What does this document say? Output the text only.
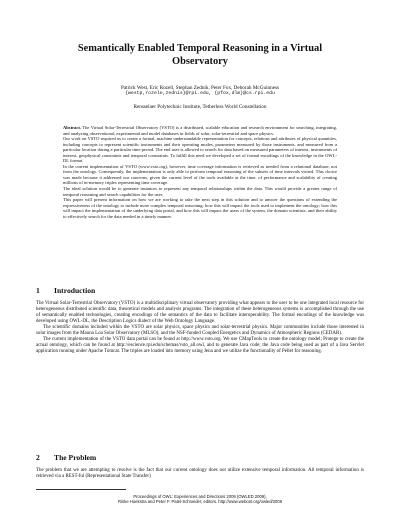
Semantically Enabled Temporal Reasoning in a Virtual
Observatory
Patrick West, Eric Rozell, Stephan Zednik, Peter Fox, Deborah McGuinness
{westp,rozele,zednis}@rpi.edu, {pfox,dlm}@cs.rpi.edu
Rensselaer Polytechnic Institute, Tetherless World Constellation

Abstract. The Virtual Solar-Terrestrial Observatory (VSTO) is a distributed, scalable education and research environment for searching, integrating, and analyzing observational, experimental and model databases in fields of solar, solar-terrestrial and space physics.

Our work on VSTO required us to create a formal, machine understandable representation for concepts, relations and attributes of physical quantities, including concepts to represent scientific instruments and their operating modes, parameters measured by those instruments, and measured from a particular location during a particular time period. The end user is allowed to search for data based on measured parameters of interest, instruments of interest, geophysical constraints and temporal constraints. To fulfill this need we developed a set of formal encodings of the knowledge in the OWL-DL format.

In the current implementation of VSTO (www.vsto.org), however, time coverage information is retrieved as needed from a relational database, not from the ontology. Consequently, the implementation is only able to perform temporal reasoning of the subsets of time intervals visited. This choice was made because it addressed our concerns, given the current level of the tools available at the time, of performance and scalability of creating millions of in-memory triples representing time coverage.

The ideal solution would be to generate instances to represent any temporal relationships within the data. This would provide a greater range of temporal reasoning and search capabilities for the user.

This paper will present information on how we are working to take the next step in this solution and to answer the questions of extending the expressiveness of the ontology to include more complex temporal reasoning; how this will impact the tools used to implement the ontology; how this will impact the implementation of the underlying data portal, and how this will impact the users of the system, the domain scientists, and their ability to effectively search for the data needed in a timely manner.

1 Introduction

The Virtual Solar-Terrestrial Observatory (VSTO) is a multidisciplinary virtual observatory providing what appears to the user to be one integrated local resource for heterogeneous distributed scientific data, theoretical models and analysis programs. The integration of these heterogeneous systems is accomplished through the use of semantically enabled technologies, creating encodings of the semantics of the data to facilitate interoperability. The formal encodings of the knowledge was developed using OWL-DL, the Description Logics dialect of the Web Ontology Language.

The scientific domains included within the VSTO are solar physics, space physics and solar-terrestrial physics. Major communities include those interested in solar images from the Mauna Loa Solar Observatory (MLSO), and the NSF-funded Coupled Energetics and Dynamics of Atmospheric Regions (CEDAR).

The current implementation of the VSTO data portal can be found at http://www.vsto.org. We use CMapTools to create the ontology model; Protege to create the actual ontology, which can be found at http://escience.rpi.edu/schemas/vsto_all.owl, and to generate Java code; the Java code being used as part of a Java Servlet application running under Apache Tomcat. The triples are loaded into memory using Jena and we utilize the functionality of Pellet for reasoning.

2 The Problem

The problem that we are attempting to resolve is the fact that our current ontology does not utilize extensive temporal information. All temporal information is retrieved via a REST-ful (Representational State Transfer)

Proceedings of OWL: Experiences and Directions 2009 (OWLED 2009),
Rinke Hoekstra and Peter F. Patel-Schneider, editors. http://www.webont.org/owled/2009
